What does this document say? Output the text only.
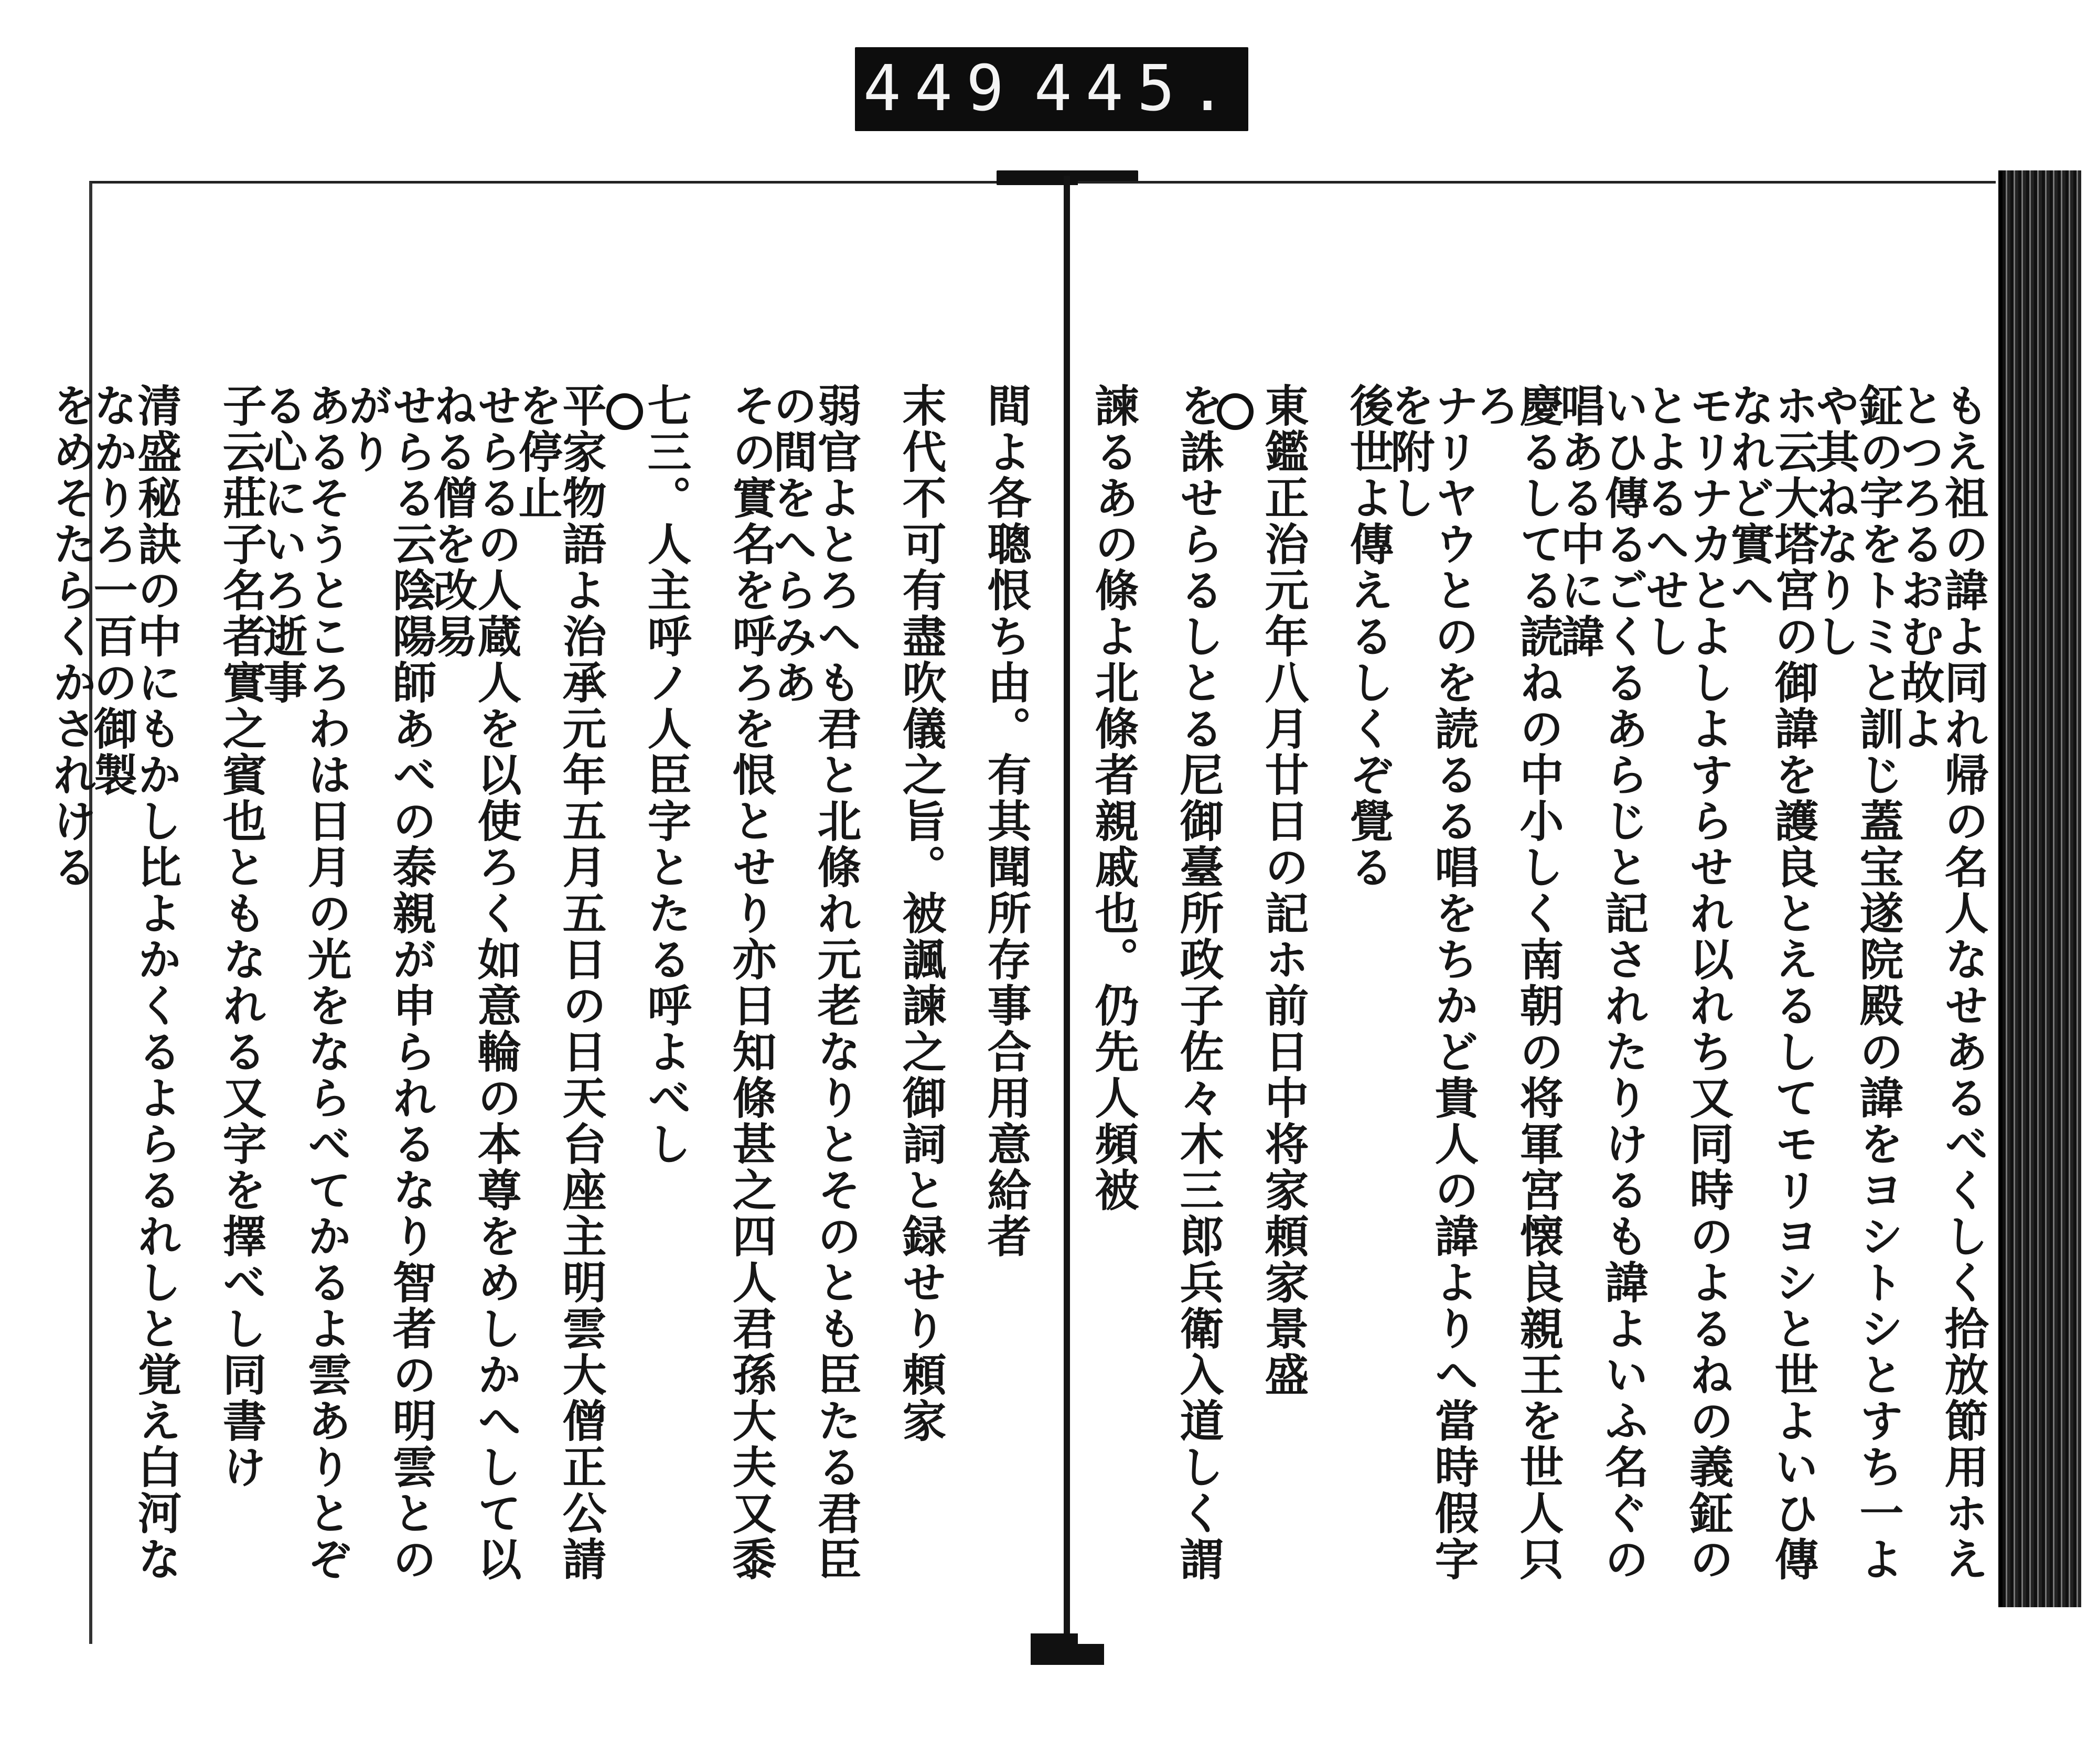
449 445.
間よ各聰恨ち由。有其聞所存事合用意給者
末代不可有盡吹儀之旨。被諷諫之御詞と録せり頼家
弱官よとろへも君と北條れ元老なりとそのとも臣たる君臣の間をへらみあ
その實名を呼ろを恨とせり亦日知條甚之四人君孫大夫又黍
七三。人主呼ノ人臣字とたる呼よべし
平家物語よ治承元年五月五日の日天台座主明雲大僧正公請を停止
せらるの人蔵人を以使ろく如意輪の本尊をめしかへして以ねる僧を改易
せらる云陰陽師あべの泰親が申られるなり智者の明雲とのがり
あるそうところわは日月の光をならべてかるよ雲ありとぞる心にいろ逝事
子云莊子名者實之賓也ともなれる又字を擇べし同書け
清盛秘訣の中にもかし比よかくるよらるれしと覚え白河ななかりろ一百の御製
をめそたらくかされける	もえ祖の諱よ同れ帰の名人なせあるべくしく拾放節用ホえとつろるおむ故よ
鉦の字をトミと訓じ蓋宝遂院殿の諱をヨシトシとすち一よや其ねなりし
ホ云大塔宮の御諱を護良とえるしてモリヨシと世よいひ傳なれど實へ
モリナカとよしよすらせれ以れち又同時のよるねの義鉦のとよるへせし
いひ傳るごくるあらじと記されたりけるも諱よいふ名ぐの唱ある中に諱
慶るしてる読ねの中小しく南朝の将軍宮懐良親王を世人只ろ
ナリヤウとのを読るる唱をちかど貴人の諱よりへ當時假字を附し
後世よ傳えるしくぞ覺る
東鑑正治元年八月廿日の記ホ前日中将家頼家景盛
を誅せらるしとる尼御臺所政子佐々木三郎兵衛入道しく謂
諫るあの條よ北條者親戚也。仍先人頻被
